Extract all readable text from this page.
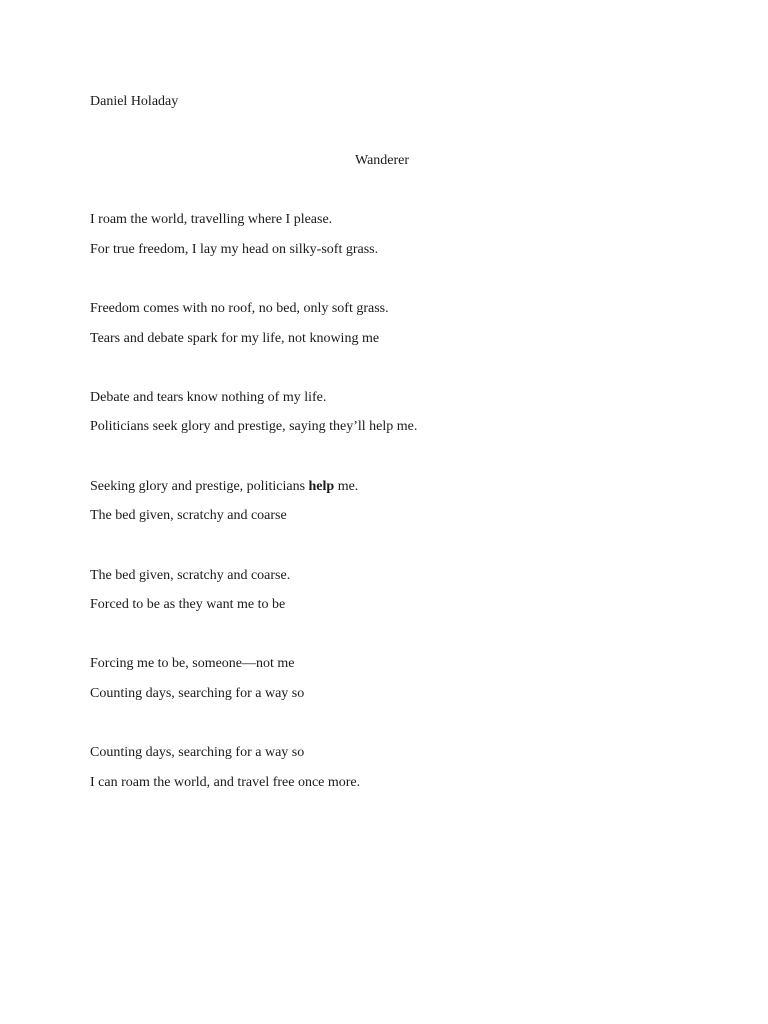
Daniel Holaday
Wanderer
I roam the world, travelling where I please.
For true freedom, I lay my head on silky-soft grass.
Freedom comes with no roof, no bed, only soft grass.
Tears and debate spark for my life, not knowing me
Debate and tears know nothing of my life.
Politicians seek glory and prestige, saying they’ll help me.
Seeking glory and prestige, politicians help me.
The bed given, scratchy and coarse
The bed given, scratchy and coarse.
Forced to be as they want me to be
Forcing me to be, someone—not me
Counting days, searching for a way so
Counting days, searching for a way so
I can roam the world, and travel free once more.
